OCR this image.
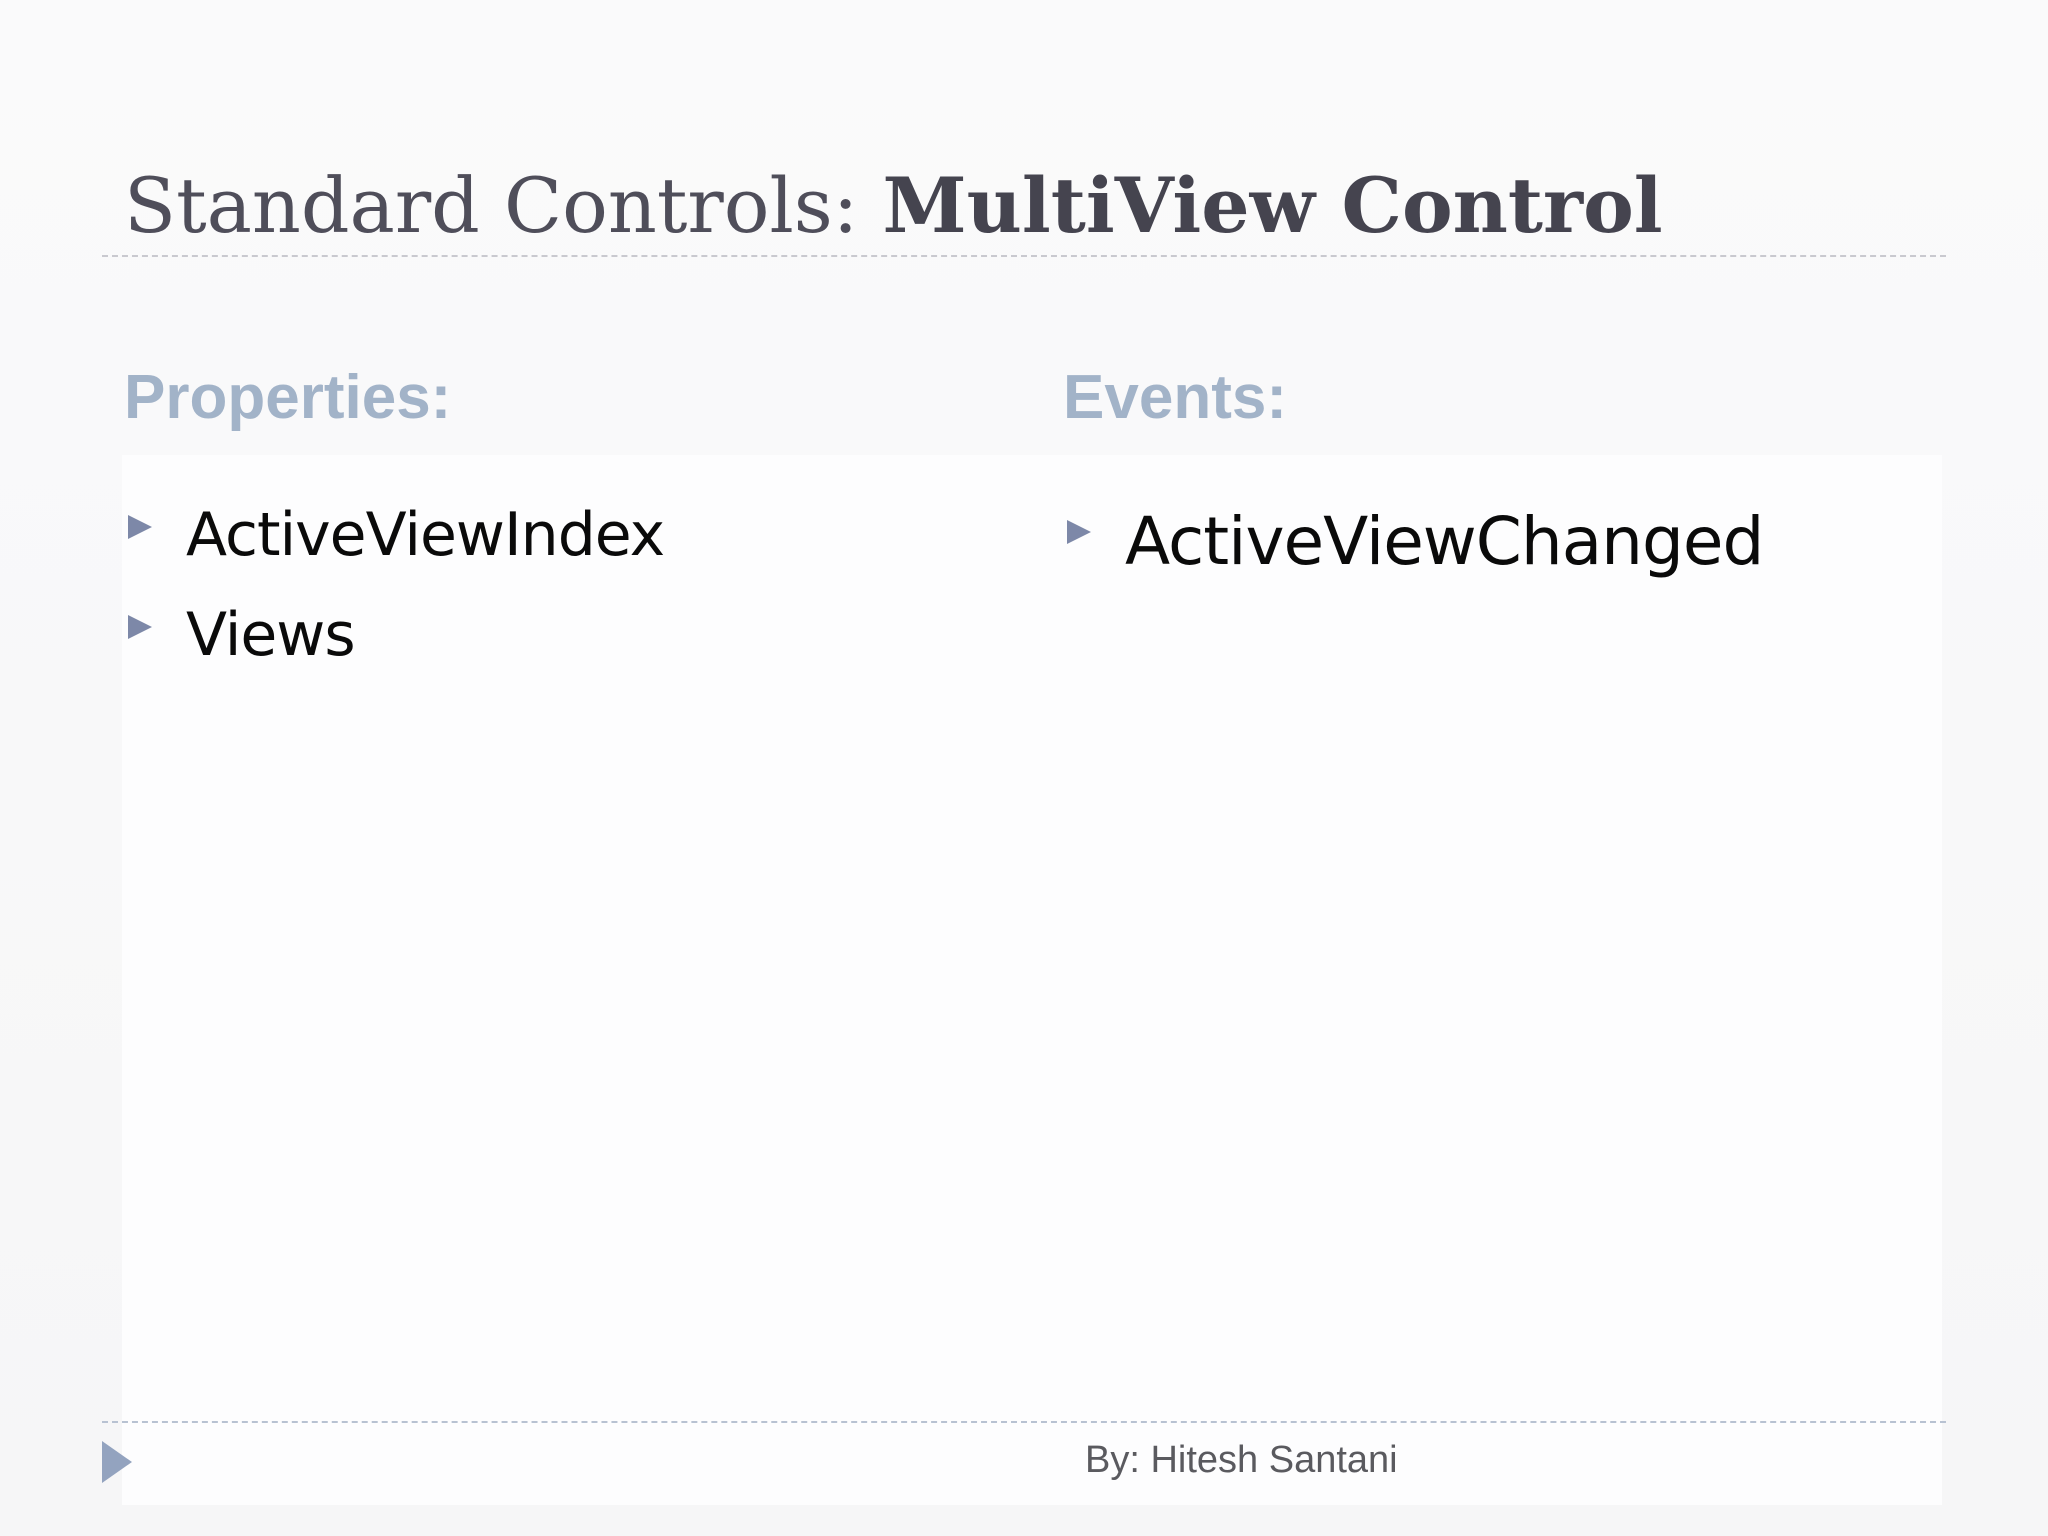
Standard Controls: MultiView Control
Properties:	Events:
ActiveViewIndex
Views
ActiveViewChanged
By: Hitesh Santani
